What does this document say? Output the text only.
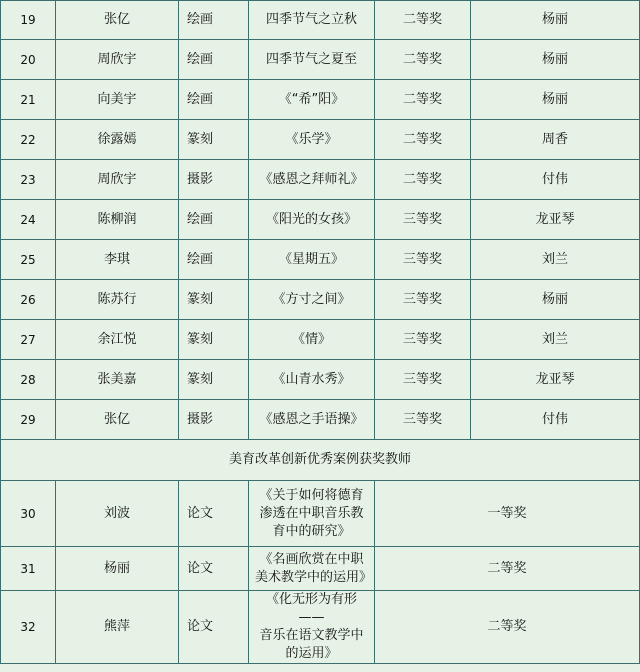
19	张亿	绘画	四季节气之立秋	二等奖	杨丽
20	周欣宇	绘画	四季节气之夏至	二等奖	杨丽
21	向美宇	绘画	《“希”阳》	二等奖	杨丽
22	徐露嫣	篆刻	《乐学》	二等奖	周香
23	周欣宇	摄影	《感恩之拜师礼》	二等奖	付伟
24	陈柳润	绘画	《阳光的女孩》	三等奖	龙亚琴
25	李琪	绘画	《星期五》	三等奖	刘兰
26	陈苏行	篆刻	《方寸之间》	三等奖	杨丽
27	余江悦	篆刻	《情》	三等奖	刘兰
28	张美嘉	篆刻	《山青水秀》	三等奖	龙亚琴
29	张亿	摄影	《感恩之手语操》	三等奖	付伟
美育改革创新优秀案例获奖教师					
30	刘波	论文	《关于如何将德育
渗透在中职音乐教
育中的研究》	一等奖	
31	杨丽	论文	《名画欣赏在中职
美术教学中的运用》	二等奖	
32	熊萍	论文	《化无形为有形——
音乐在语文教学中
的运用》	二等奖	
